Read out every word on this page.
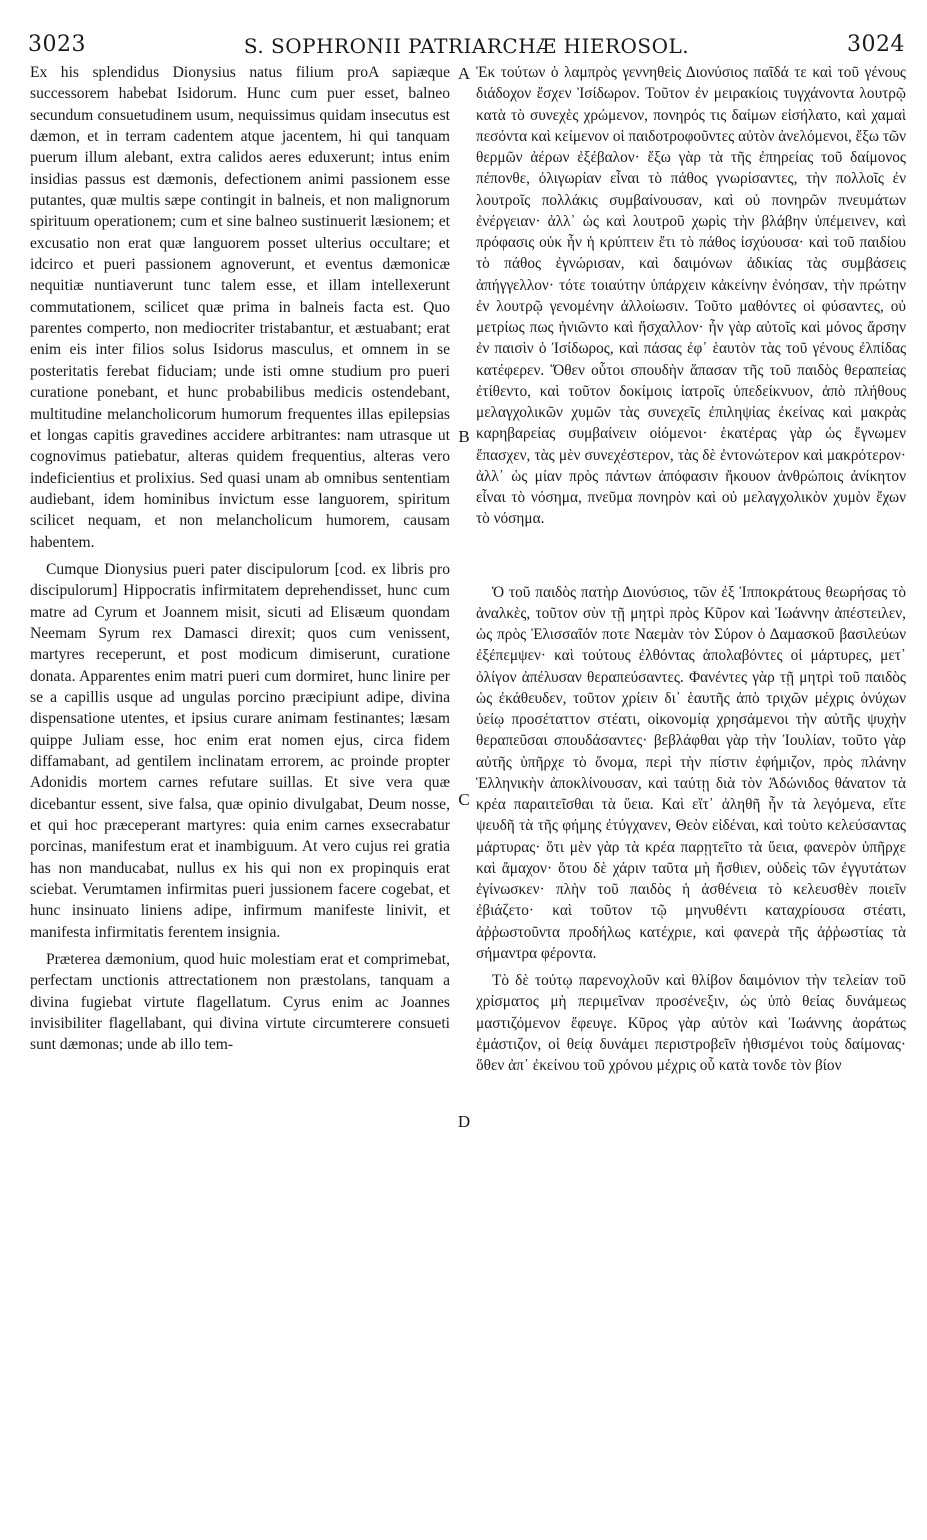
3023	S. SOPHRONII PATRIARCHÆ HIEROSOL.	3024

Ex his splendidus Dionysius natus filium proA sapiæque successorem habebat Isidorum. Hunc cum puer esset, balneo secundum consuetudinem usum, nequissimus quidam insecutus est dæmon, et in terram cadentem atque jacentem, hi qui tanquam puerum illum alebant, extra calidos aeres eduxerunt; intus enim insidias passus est dæmonis, defectionem animi passionem esse putantes, quæ multis sæpe contingit in balneis, et non malignorum spirituum operationem; cum et sine balneo sustinuerit læsionem; et excusatio non erat quæ languorem posset ulterius occultare; et idcirco et pueri passionem agnoverunt, et eventus dæmonicæ nequitiæ nuntiaverunt tunc talem esse, et illam intellexerunt commutationem, scilicet quæ prima in balneis facta est. Quo parentes comperto, non mediocriter tristabantur, et æstuabant; erat enim eis inter filios solus Isidorus masculus, et omnem in se posteritatis ferebat fiduciam; unde isti omne studium pro pueri curatione ponebant, et hunc probabilibus medicis ostendebant, multitudine melancholicorum humorum frequentes illas epilepsias et longas capitis gravedines accidere arbitrantes: nam utrasque ut cognovimus patiebatur, alteras quidem frequentius, alteras vero indeficientius et prolixius. Sed quasi unam ab omnibus sententiam audiebant, idem hominibus invictum esse languorem, spiritum scilicet nequam, et non melancholicum humorem, causam habentem.

Cumque Dionysius pueri pater discipulorum [cod. ex libris pro discipulorum] Hippocratis infirmitatem deprehendisset, hunc cum matre ad Cyrum et Joannem misit, sicuti ad Elisæum quondam Neemam Syrum rex Damasci direxit; quos cum venissent, martyres receperunt, et post modicum dimiserunt, curatione donata. Apparentes enim matri pueri cum dormiret, hunc linire per se a capillis usque ad ungulas porcino præcipiunt adipe, divina dispensatione utentes, et ipsius curare animam festinantes; læsam quippe Juliam esse, hoc enim erat nomen ejus, circa fidem diffamabant, ad gentilem inclinatam errorem, ac proinde propter Adonidis mortem carnes refutare suillas. Et sive vera quæ dicebantur essent, sive falsa, quæ opinio divulgabat, Deum nosse, et qui hoc præceperant martyres: quia enim carnes exsecrabatur porcinas, manifestum erat et inambiguum. At vero cujus rei gratia has non manducabat, nullus ex his qui non ex propinquis erat sciebat. Verumtamen infirmitas pueri jussionem facere cogebat, et hunc insinuato liniens adipe, infirmum manifeste linivit, et manifesta infirmitatis ferentem insignia.

Præterea dæmonium, quod huic molestiam erat et comprimebat, perfectam unctionis attrectationem non præstolans, tanquam a divina fugiebat virtute flagellatum. Cyrus enim ac Joannes invisibiliter flagellabant, qui divina virtute circumterere consueti sunt dæmonas; unde ab illo tem-

A
B
C
D

Ἐκ τούτων ὁ λαμπρὸς γεννηθεὶς Διονύσιος παῖδά τε καὶ τοῦ γένους διάδοχον ἔσχεν Ἰσίδωρον. Τοῦτον ἐν μειρακίοις τυγχάνοντα λουτρῷ κατὰ τὸ συνεχὲς χρώμενον, πονηρός τις δαίμων εἰσήλατο, καὶ χαμαὶ πεσόντα καὶ κείμενον οἱ παιδοτροφοῦντες αὐτὸν ἀνελόμενοι, ἔξω τῶν θερμῶν ἀέρων ἐξέβαλον· ἔξω γὰρ τὰ τῆς ἐπηρείας τοῦ δαίμονος πέπονθε, ὀλιγωρίαν εἶναι τὸ πάθος γνωρίσαντες, τὴν πολλοῖς ἐν λουτροῖς πολλάκις συμβαίνουσαν, καὶ οὐ πονηρῶν πνευμάτων ἐνέργειαν· ἀλλ᾽ ὡς καὶ λουτροῦ χωρὶς τὴν βλάβην ὑπέμεινεν, καὶ πρόφασις οὐκ ἦν ἡ κρύπτειν ἔτι τὸ πάθος ἰσχύουσα· καὶ τοῦ παιδίου τὸ πάθος ἐγνώρισαν, καὶ δαιμόνων ἀδικίας τὰς συμβάσεις ἀπήγγελλον· τότε τοιαύτην ὑπάρχειν κἀκείνην ἐνόησαν, τὴν πρώτην ἐν λουτρῷ γενομένην ἀλλοίωσιν. Τοῦτο μαθόντες οἱ φύσαντες, οὐ μετρίως πως ἠνιῶντο καὶ ἤσχαλλον· ἦν γὰρ αὐτοῖς καὶ μόνος ἄρσην ἐν παισὶν ὁ Ἰσίδωρος, καὶ πάσας ἐφ᾽ ἑαυτὸν τὰς τοῦ γένους ἐλπίδας κατέφερεν. Ὅθεν οὗτοι σπουδὴν ἅπασαν τῆς τοῦ παιδὸς θεραπείας ἐτίθεντο, καὶ τοῦτον δοκίμοις ἰατροῖς ὑπεδείκνυον, ἀπὸ πλήθους μελαγχολικῶν χυμῶν τὰς συνεχεῖς ἐπιληψίας ἐκείνας καὶ μακρὰς καρηβαρείας συμβαίνειν οἰόμενοι· ἑκατέρας γὰρ ὡς ἔγνωμεν ἔπασχεν, τὰς μὲν συνεχέστερον, τὰς δὲ ἐντονώτερον καὶ μακρότερον· ἀλλ᾽ ὡς μίαν πρὸς πάντων ἀπόφασιν ἤκουον ἀνθρώποις ἀνίκητον εἶναι τὸ νόσημα, πνεῦμα πονηρὸν καὶ οὐ μελαγχολικὸν χυμὸν ἔχων τὸ νόσημα.

Ὁ τοῦ παιδὸς πατὴρ Διονύσιος, τῶν ἐξ Ἱπποκράτους θεωρήσας τὸ ἀναλκὲς, τοῦτον σὺν τῇ μητρὶ πρὸς Κῦρον καὶ Ἰωάννην ἀπέστειλεν, ὡς πρὸς Ἐλισσαῖόν ποτε Ναεμὰν τὸν Σύρον ὁ Δαμασκοῦ βασιλεύων ἐξέπεμψεν· καὶ τούτους ἐλθόντας ἀπολαβόντες οἱ μάρτυρες, μετ᾽ ὀλίγον ἀπέλυσαν θεραπεύσαντες. Φανέντες γὰρ τῇ μητρὶ τοῦ παιδὸς ὡς ἐκάθευδεν, τοῦτον χρίειν δι᾽ ἑαυτῆς ἀπὸ τριχῶν μέχρις ὀνύχων ὑείῳ προσέταττον στέατι, οἰκονομίᾳ χρησάμενοι τὴν αὐτῆς ψυχὴν θεραπεῦσαι σπουδάσαντες· βεβλάφθαι γὰρ τὴν Ἰουλίαν, τοῦτο γὰρ αὐτῆς ὑπῆρχε τὸ ὄνομα, περὶ τὴν πίστιν ἐφήμιζον, πρὸς πλάνην Ἑλληνικὴν ἀποκλίνουσαν, καὶ ταύτῃ διὰ τὸν Ἀδώνιδος θάνατον τὰ κρέα παραιτεῖσθαι τὰ ὕεια. Καὶ εἴτ᾽ ἀληθῆ ἦν τὰ λεγόμενα, εἴτε ψευδῆ τὰ τῆς φήμης ἐτύγχανεν, Θεὸν εἰδέναι, καὶ τοὺτο κελεύσαντας μάρτυρας· ὅτι μὲν γὰρ τὰ κρέα παρῃτεῖτο τὰ ὕεια, φανερὸν ὑπῆρχε καὶ ἄμαχον· ὅτου δὲ χάριν ταῦτα μὴ ἤσθιεν, οὐδεὶς τῶν ἐγγυτάτων ἐγίνωσκεν· πλὴν τοῦ παιδὸς ἡ ἀσθένεια τὸ κελευσθὲν ποιεῖν ἐβιάζετο· καὶ τοῦτον τῷ μηνυθέντι καταχρίουσα στέατι, ἀῤῥωστοῦντα προδήλως κατέχριε, καὶ φανερὰ τῆς ἀῤῥωστίας τὰ σήμαντρα φέροντα.

Τὸ δὲ τούτῳ παρενοχλοῦν καὶ θλίβον δαιμόνιον τὴν τελείαν τοῦ χρίσματος μὴ περιμεῖναν προσένεξιν, ὡς ὑπὸ θείας δυνάμεως μαστιζόμενον ἔφευγε. Κῦρος γὰρ αὐτὸν καὶ Ἰωάννης ἀοράτως ἐμάστιζον, οἱ θείᾳ δυνάμει περιστροβεῖν ἠθισμένοι τοὺς δαίμονας· ὅθεν ἀπ᾽ ἐκείνου τοῦ χρόνου μέχρις οὗ κατὰ τονδε τὸν βίον
